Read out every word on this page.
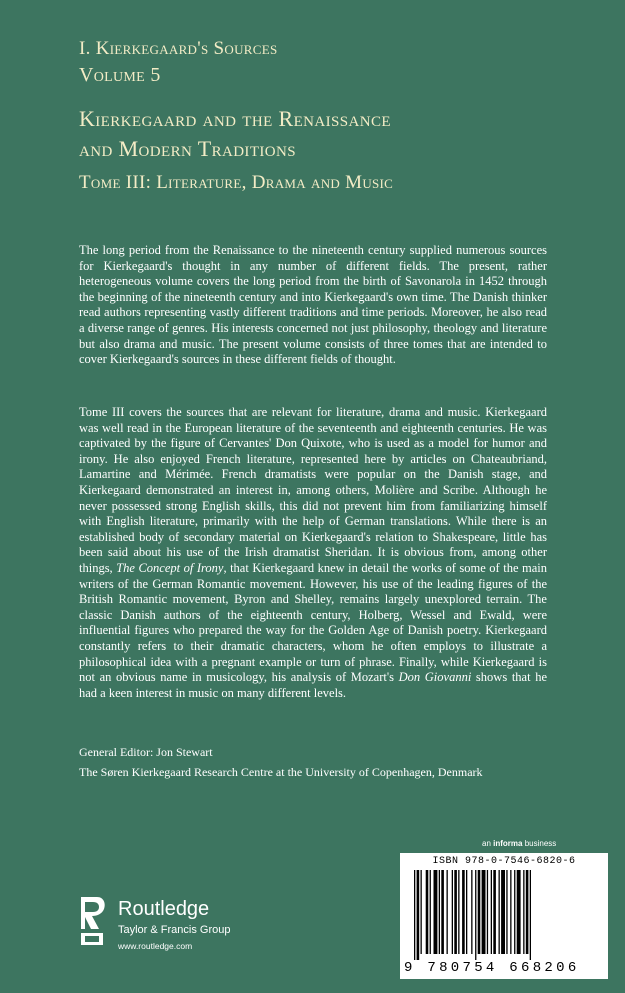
I. Kierkegaard's Sources
Volume 5
Kierkegaard and the Renaissance
and Modern Traditions
Tome III: Literature, Drama and Music
The long period from the Renaissance to the nineteenth century supplied numerous sources for Kierkegaard's thought in any number of different fields. The present, rather heterogeneous volume covers the long period from the birth of Savonarola in 1452 through the beginning of the nineteenth century and into Kierkegaard's own time. The Danish thinker read authors representing vastly different traditions and time periods. Moreover, he also read a diverse range of genres. His interests concerned not just philosophy, theology and literature but also drama and music. The present volume consists of three tomes that are intended to cover Kierkegaard's sources in these different fields of thought.
Tome III covers the sources that are relevant for literature, drama and music. Kierkegaard was well read in the European literature of the seventeenth and eighteenth centuries. He was captivated by the figure of Cervantes' Don Quixote, who is used as a model for humor and irony. He also enjoyed French literature, represented here by articles on Chateaubriand, Lamartine and Mérimée. French dramatists were popular on the Danish stage, and Kierkegaard demonstrated an interest in, among others, Molière and Scribe. Although he never possessed strong English skills, this did not prevent him from familiarizing himself with English literature, primarily with the help of German translations. While there is an established body of secondary material on Kierkegaard's relation to Shakespeare, little has been said about his use of the Irish dramatist Sheridan. It is obvious from, among other things, The Concept of Irony, that Kierkegaard knew in detail the works of some of the main writers of the German Romantic movement. However, his use of the leading figures of the British Romantic movement, Byron and Shelley, remains largely unexplored terrain. The classic Danish authors of the eighteenth century, Holberg, Wessel and Ewald, were influential figures who prepared the way for the Golden Age of Danish poetry. Kierkegaard constantly refers to their dramatic characters, whom he often employs to illustrate a philosophical idea with a pregnant example or turn of phrase. Finally, while Kierkegaard is not an obvious name in musicology, his analysis of Mozart's Don Giovanni shows that he had a keen interest in music on many different levels.
General Editor: Jon Stewart
The Søren Kierkegaard Research Centre at the University of Copenhagen, Denmark
an informa business
ISBN 978-0-7546-6820-6
9 780754 668206
Routledge
Taylor & Francis Group
www.routledge.com
